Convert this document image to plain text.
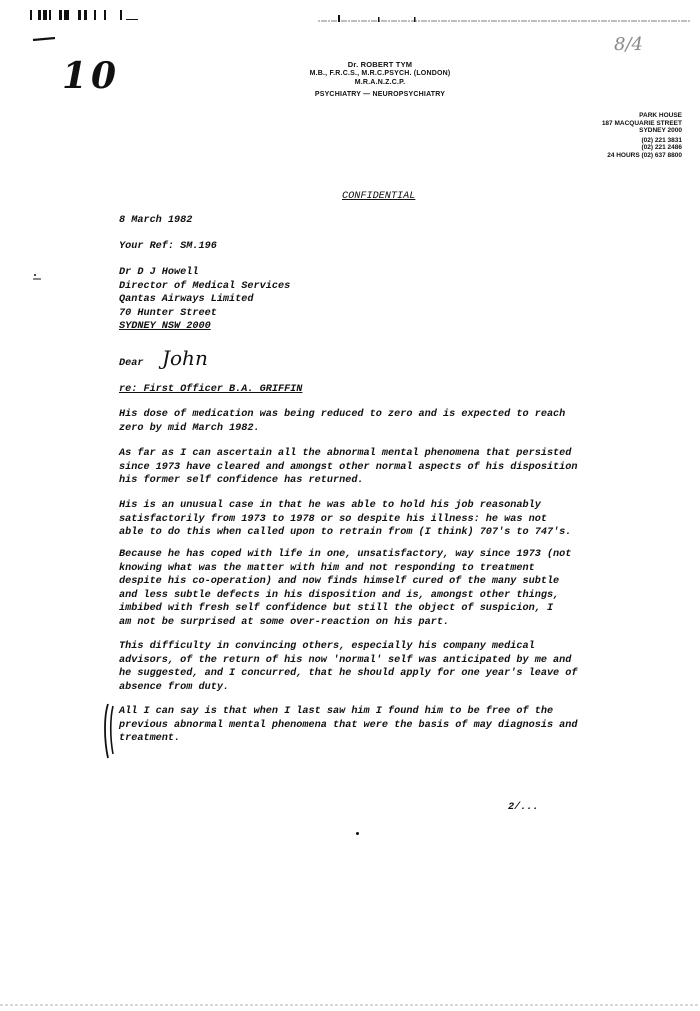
10
8/4
Dr. ROBERT TYM
M.B., F.R.C.S., M.R.C.PSYCH. (LONDON)
M.R.A.N.Z.C.P.
PSYCHIATRY — NEUROPSYCHIATRY
PARK HOUSE
187 MACQUARIE STREET
SYDNEY 2000
(02) 221 3831
(02) 221 2486
24 HOURS (02) 637 8800
CONFIDENTIAL
8 March 1982
Your Ref: SM.196
Dr D J Howell
Director of Medical Services
Qantas Airways Limited
70 Hunter Street
SYDNEY NSW 2000
Dear John
re: First Officer B.A. GRIFFIN
His dose of medication was being reduced to zero and is expected to reach
zero by mid March 1982.
As far as I can ascertain all the abnormal mental phenomena that persisted
since 1973 have cleared and amongst other normal aspects of his disposition
his former self confidence has returned.
His is an unusual case in that he was able to hold his job reasonably
satisfactorily from 1973 to 1978 or so despite his illness: he was not
able to do this when called upon to retrain from (I think) 707's to 747's.
Because he has coped with life in one, unsatisfactory, way since 1973 (not
knowing what was the matter with him and not responding to treatment
despite his co-operation) and now finds himself cured of the many subtle
and less subtle defects in his disposition and is, amongst other things,
imbibed with fresh self confidence but still the object of suspicion, I
am not be surprised at some over-reaction on his part.
This difficulty in convincing others, especially his company medical
advisors, of the return of his now 'normal' self was anticipated by me and
he suggested, and I concurred, that he should apply for one year's leave of
absence from duty.
All I can say is that when I last saw him I found him to be free of the
previous abnormal mental phenomena that were the basis of may diagnosis and
treatment.
2/...
